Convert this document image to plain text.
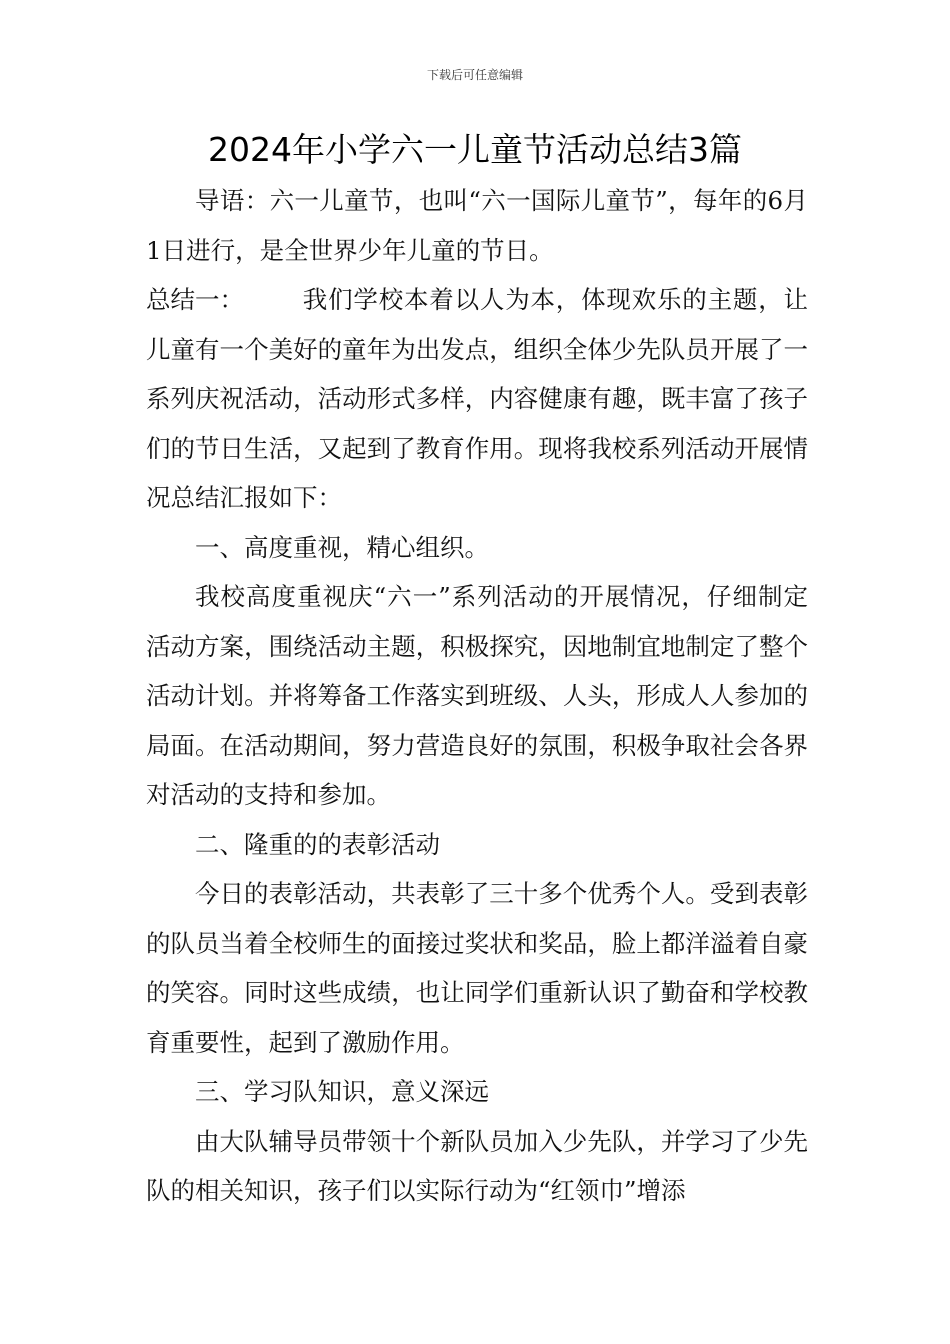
下载后可任意编辑
2024年小学六一儿童节活动总结3篇

导语：六一儿童节，也叫“六一国际儿童节”，每年的6月1日进行，是全世界少年儿童的节日。

总结一： 我们学校本着以人为本，体现欢乐的主题，让儿童有一个美好的童年为出发点，组织全体少先队员开展了一系列庆祝活动，活动形式多样，内容健康有趣，既丰富了孩子们的节日生活，又起到了教育作用。现将我校系列活动开展情况总结汇报如下：

一、高度重视，精心组织。

我校高度重视庆“六一”系列活动的开展情况，仔细制定活动方案，围绕活动主题，积极探究，因地制宜地制定了整个活动计划。并将筹备工作落实到班级、人头，形成人人参加的局面。在活动期间，努力营造良好的氛围，积极争取社会各界对活动的支持和参加。

二、隆重的的表彰活动

今日的表彰活动，共表彰了三十多个优秀个人。受到表彰的队员当着全校师生的面接过奖状和奖品，脸上都洋溢着自豪的笑容。同时这些成绩，也让同学们重新认识了勤奋和学校教育重要性，起到了激励作用。

三、学习队知识，意义深远

由大队辅导员带领十个新队员加入少先队，并学习了少先队的相关知识，孩子们以实际行动为“红领巾”增添
